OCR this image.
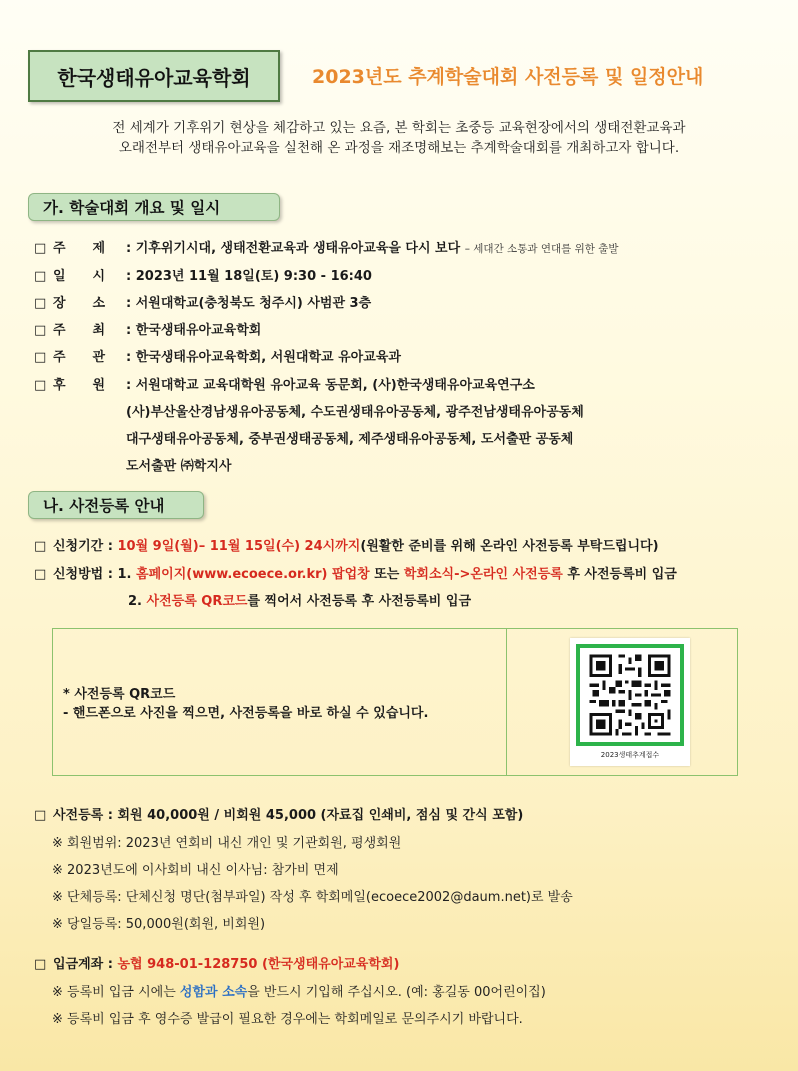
한국생태유아교육학회	2023년도 추계학술대회 사전등록 및 일정안내
전 세계가 기후위기 현상을 체감하고 있는 요즘, 본 학회는 초중등 교육현장에서의 생태전환교육과
오래전부터 생태유아교육을 실천해 온 과정을 재조명해보는 추계학술대회를 개최하고자 합니다.
가. 학술대회 개요 및 일시
□ 주 제 : 기후위기시대, 생태전환교육과 생태유아교육을 다시 보다 – 세대간 소통과 연대를 위한 출발
□ 일 시 : 2023년 11월 18일(토) 9:30 - 16:40
□ 장 소 : 서원대학교(충청북도 청주시) 사범관 3층
□ 주 최 : 한국생태유아교육학회
□ 주 관 : 한국생태유아교육학회, 서원대학교 유아교육과
□ 후 원 : 서원대학교 교육대학원 유아교육 동문회, (사)한국생태유아교육연구소
(사)부산울산경남생유아공동체, 수도권생태유아공동체, 광주전남생태유아공동체
대구생태유아공동체, 중부권생태공동체, 제주생태유아공동체, 도서출판 공동체
도서출판 ㈜학지사
나. 사전등록 안내
□ 신청기간 : 10월 9일(월)– 11월 15일(수) 24시까지(원활한 준비를 위해 온라인 사전등록 부탁드립니다)
□ 신청방법 : 1. 홈페이지(www.ecoece.or.kr) 팝업창 또는 학회소식->온라인 사전등록 후 사전등록비 입금
2. 사전등록 QR코드를 찍어서 사전등록 후 사전등록비 입금
* 사전등록 QR코드
- 핸드폰으로 사진을 찍으면, 사전등록을 바로 하실 수 있습니다.
2023생태추계접수
□ 사전등록 : 회원 40,000원 / 비회원 45,000 (자료집 인쇄비, 점심 및 간식 포함)
※ 회원범위: 2023년 연회비 내신 개인 및 기관회원, 평생회원
※ 2023년도에 이사회비 내신 이사님: 참가비 면제
※ 단체등록: 단체신청 명단(첨부파일) 작성 후 학회메일(ecoece2002@daum.net)로 발송
※ 당일등록: 50,000원(회원, 비회원)
□ 입금계좌 : 농협 948-01-128750 (한국생태유아교육학회)
※ 등록비 입금 시에는 성함과 소속을 반드시 기입해 주십시오. (예: 홍길동 00어린이집)
※ 등록비 입금 후 영수증 발급이 필요한 경우에는 학회메일로 문의주시기 바랍니다.
